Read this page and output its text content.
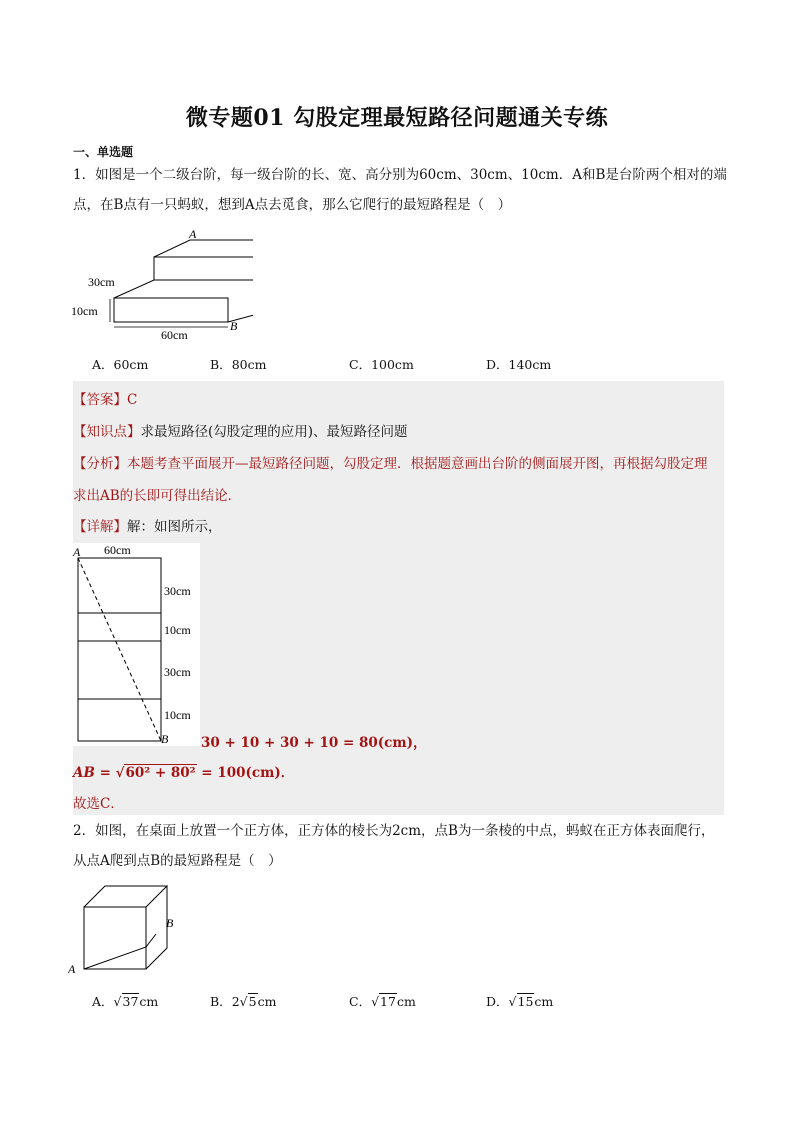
微专题01 勾股定理最短路径问题通关专练
一、单选题
1．如图是一个二级台阶，每一级台阶的长、宽、高分别为60cm、30cm、10cm．A和B是台阶两个相对的端
点，在B点有一只蚂蚁，想到A点去觅食，那么它爬行的最短路程是（　）
A
B
30cm
10cm
60cm
A．60cm	B．80cm	C．100cm	D．140cm
【答案】C
【知识点】求最短路径(勾股定理的应用)、最短路径问题
【分析】本题考查平面展开—最短路径问题，勾股定理．根据题意画出台阶的侧面展开图，再根据勾股定理
求出AB的长即可得出结论．
【详解】解：如图所示，
A
B
60cm
30cm
10cm
30cm
10cm
30 + 10 + 30 + 10 = 80(cm)，
AB = √60² + 80² = 100(cm)．
故选C．
2．如图，在桌面上放置一个正方体，正方体的棱长为2cm，点B为一条棱的中点，蚂蚁在正方体表面爬行，
从点A爬到点B的最短路程是（　）
A
B
A．√37cm	B．2√5cm	C．√17cm	D．√15cm
